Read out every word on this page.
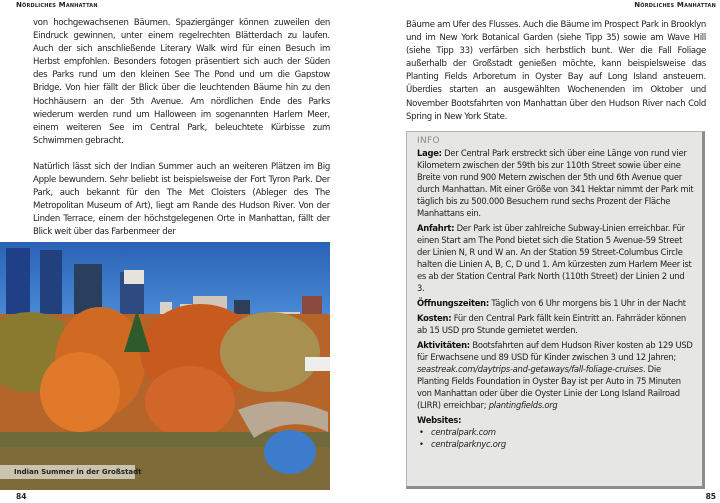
Nördliches Manhattan

von hochgewachsenen Bäumen. Spaziergänger können zuweilen den Eindruck gewinnen, unter einem regelrechten Blätterdach zu laufen. Auch der sich anschließende Literary Walk wird für einen Besuch im Herbst empfohlen. Besonders fotogen präsentiert sich auch der Süden des Parks rund um den kleinen See The Pond und um die Gapstow Bridge. Von hier fällt der Blick über die leuchtenden Bäume hin zu den Hochhäusern an der 5th Avenue. Am nördlichen Ende des Parks wiederum werden rund um Halloween im sogenannten Harlem Meer, einem weiteren See im Central Park, beleuchtete Kürbisse zum Schwimmen gebracht.

Natürlich lässt sich der Indian Summer auch an weiteren Plätzen im Big Apple bewundern. Sehr beliebt ist beispielsweise der Fort Tyron Park. Der Park, auch bekannt für den The Met Cloisters (Ableger des The Metropolitan Museum of Art), liegt am Rande des Hudson River. Von der Linden Terrace, einem der höchstgelegenen Orte in Manhattan, fällt der Blick weit über das Farbenmeer der

Indian Summer in der Großstadt
84
Nördliches Manhattan

Bäume am Ufer des Flusses. Auch die Bäume im Prospect Park in Brooklyn und im New York Botanical Garden (siehe Tipp 35) sowie am Wave Hill (siehe Tipp 33) verfärben sich herbstlich bunt. Wer die Fall Foliage außerhalb der Großstadt genießen möchte, kann beispielsweise das Planting Fields Arboretum in Oyster Bay auf Long Island ansteuern. Überdies starten an ausgewählten Wochenenden im Oktober und November Bootsfahrten von Manhattan über den Hudson River nach Cold Spring in New York State.

INFO
Lage: Der Central Park erstreckt sich über eine Länge von rund vier Kilometern zwischen der 59th bis zur 110th Street sowie über eine Breite von rund 900 Metern zwischen der 5th und 6th Avenue quer durch Manhattan. Mit einer Größe von 341 Hektar nimmt der Park mit täglich bis zu 500.000 Besuchern rund sechs Prozent der Fläche Manhattans ein.
Anfahrt: Der Park ist über zahlreiche Subway-Linien erreichbar. Für einen Start am The Pond bietet sich die Station 5 Avenue-59 Street der Linien N, R und W an. An der Station 59 Street-Columbus Circle halten die Linien A, B, C, D und 1. Am kürzesten zum Harlem Meer ist es ab der Station Central Park North (110th Street) der Linien 2 und 3.
Öffnungszeiten: Täglich von 6 Uhr morgens bis 1 Uhr in der Nacht
Kosten: Für den Central Park fällt kein Eintritt an. Fahrräder können ab 15 USD pro Stunde gemietet werden.
Aktivitäten: Bootsfahrten auf dem Hudson River kosten ab 129 USD für Erwachsene und 89 USD für Kinder zwischen 3 und 12 Jahren; seastreak.com/daytrips-and-getaways/fall-foliage-cruises. Die Planting Fields Foundation in Oyster Bay ist per Auto in 75 Minuten von Manhattan oder über die Oyster Linie der Long Island Railroad (LIRR) erreichbar; plantingfields.org
Websites:
• centralpark.com
• centralparknyc.org
85
